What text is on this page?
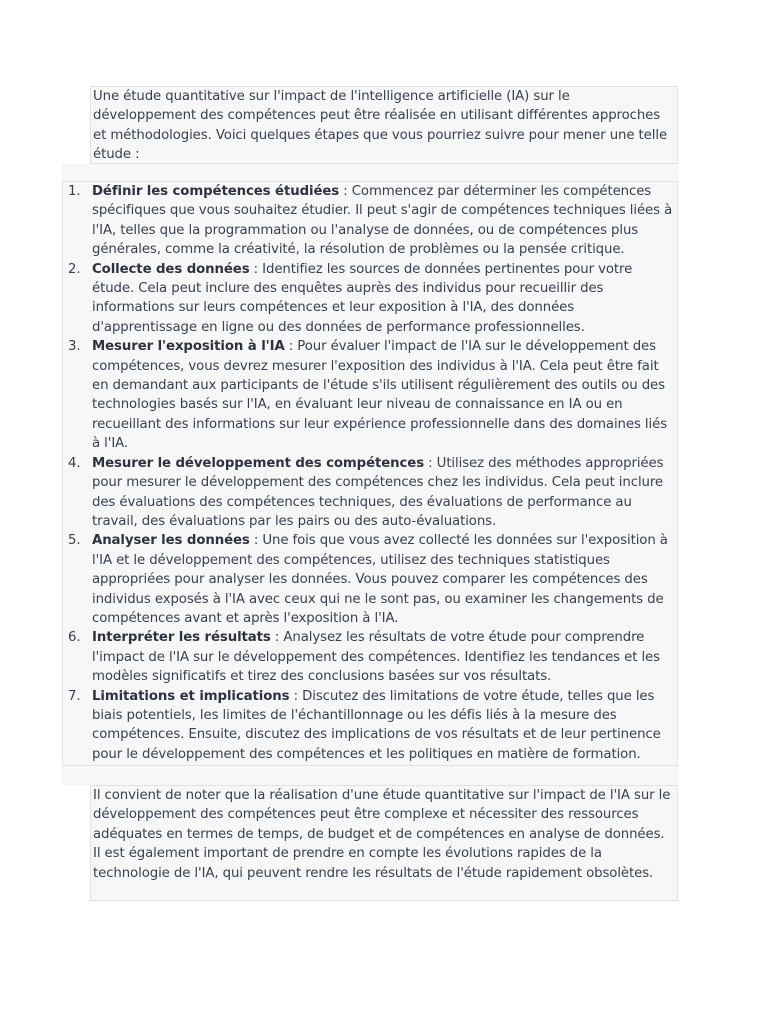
Une étude quantitative sur l'impact de l'intelligence artificielle (IA) sur le développement des compétences peut être réalisée en utilisant différentes approches et méthodologies. Voici quelques étapes que vous pourriez suivre pour mener une telle étude :

1. Définir les compétences étudiées : Commencez par déterminer les compétences spécifiques que vous souhaitez étudier. Il peut s'agir de compétences techniques liées à l'IA, telles que la programmation ou l'analyse de données, ou de compétences plus générales, comme la créativité, la résolution de problèmes ou la pensée critique.
2. Collecte des données : Identifiez les sources de données pertinentes pour votre étude. Cela peut inclure des enquêtes auprès des individus pour recueillir des informations sur leurs compétences et leur exposition à l'IA, des données d'apprentissage en ligne ou des données de performance professionnelles.
3. Mesurer l'exposition à l'IA : Pour évaluer l'impact de l'IA sur le développement des compétences, vous devrez mesurer l'exposition des individus à l'IA. Cela peut être fait en demandant aux participants de l'étude s'ils utilisent régulièrement des outils ou des technologies basés sur l'IA, en évaluant leur niveau de connaissance en IA ou en recueillant des informations sur leur expérience professionnelle dans des domaines liés à l'IA.
4. Mesurer le développement des compétences : Utilisez des méthodes appropriées pour mesurer le développement des compétences chez les individus. Cela peut inclure des évaluations des compétences techniques, des évaluations de performance au travail, des évaluations par les pairs ou des auto-évaluations.
5. Analyser les données : Une fois que vous avez collecté les données sur l'exposition à l'IA et le développement des compétences, utilisez des techniques statistiques appropriées pour analyser les données. Vous pouvez comparer les compétences des individus exposés à l'IA avec ceux qui ne le sont pas, ou examiner les changements de compétences avant et après l'exposition à l'IA.
6. Interpréter les résultats : Analysez les résultats de votre étude pour comprendre l'impact de l'IA sur le développement des compétences. Identifiez les tendances et les modèles significatifs et tirez des conclusions basées sur vos résultats.
7. Limitations et implications : Discutez des limitations de votre étude, telles que les biais potentiels, les limites de l'échantillonnage ou les défis liés à la mesure des compétences. Ensuite, discutez des implications de vos résultats et de leur pertinence pour le développement des compétences et les politiques en matière de formation.

Il convient de noter que la réalisation d'une étude quantitative sur l'impact de l'IA sur le développement des compétences peut être complexe et nécessiter des ressources adéquates en termes de temps, de budget et de compétences en analyse de données. Il est également important de prendre en compte les évolutions rapides de la technologie de l'IA, qui peuvent rendre les résultats de l'étude rapidement obsolètes.
